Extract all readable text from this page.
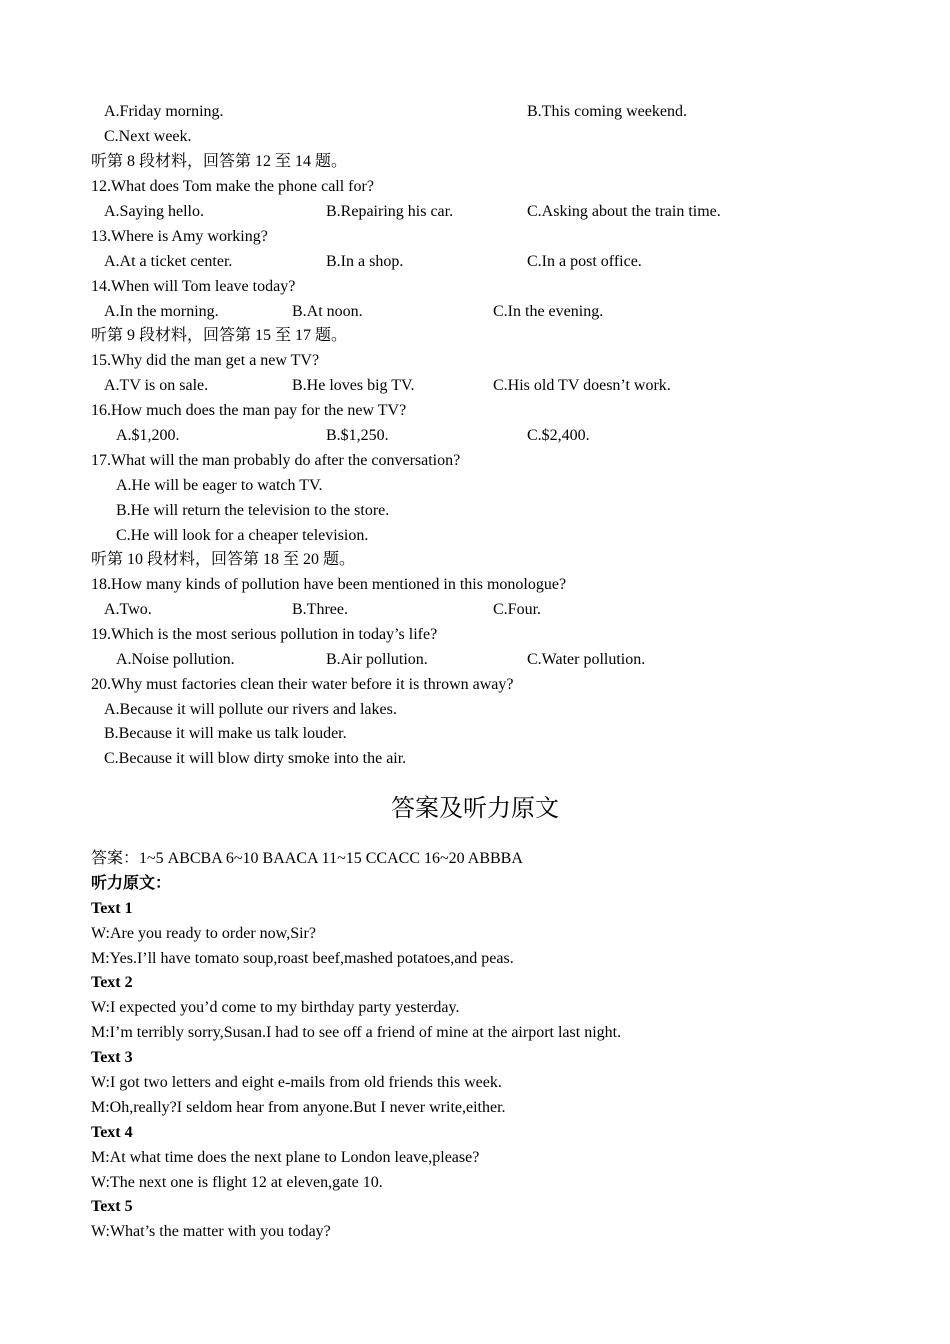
A.Friday morning.	B.This coming weekend.
C.Next week.
听第 8 段材料，回答第 12 至 14 题。
12.What does Tom make the phone call for?
A.Saying hello.	B.Repairing his car.	C.Asking about the train time.
13.Where is Amy working?
A.At a ticket center.	B.In a shop.	C.In a post office.
14.When will Tom leave today?
A.In the morning.	B.At noon.	C.In the evening.
听第 9 段材料，回答第 15 至 17 题。
15.Why did the man get a new TV?
A.TV is on sale.	B.He loves big TV.	C.His old TV doesn’t work.
16.How much does the man pay for the new TV?
A.$1,200.	B.$1,250.	C.$2,400.
17.What will the man probably do after the conversation?
A.He will be eager to watch TV.
B.He will return the television to the store.
C.He will look for a cheaper television.
听第 10 段材料，回答第 18 至 20 题。
18.How many kinds of pollution have been mentioned in this monologue?
A.Two.	B.Three.	C.Four.
19.Which is the most serious pollution in today’s life?
A.Noise pollution.	B.Air pollution.	C.Water pollution.
20.Why must factories clean their water before it is thrown away?
A.Because it will pollute our rivers and lakes.
B.Because it will make us talk louder.
C.Because it will blow dirty smoke into the air.
答案及听力原文
答案：1~5 ABCBA 6~10 BAACA 11~15 CCACC 16~20 ABBBA
听力原文：
Text 1
W:Are you ready to order now,Sir?
M:Yes.I’ll have tomato soup,roast beef,mashed potatoes,and peas.
Text 2
W:I expected you’d come to my birthday party yesterday.
M:I’m terribly sorry,Susan.I had to see off a friend of mine at the airport last night.
Text 3
W:I got two letters and eight e-mails from old friends this week.
M:Oh,really?I seldom hear from anyone.But I never write,either.
Text 4
M:At what time does the next plane to London leave,please?
W:The next one is flight 12 at eleven,gate 10.
Text 5
W:What’s the matter with you today?
